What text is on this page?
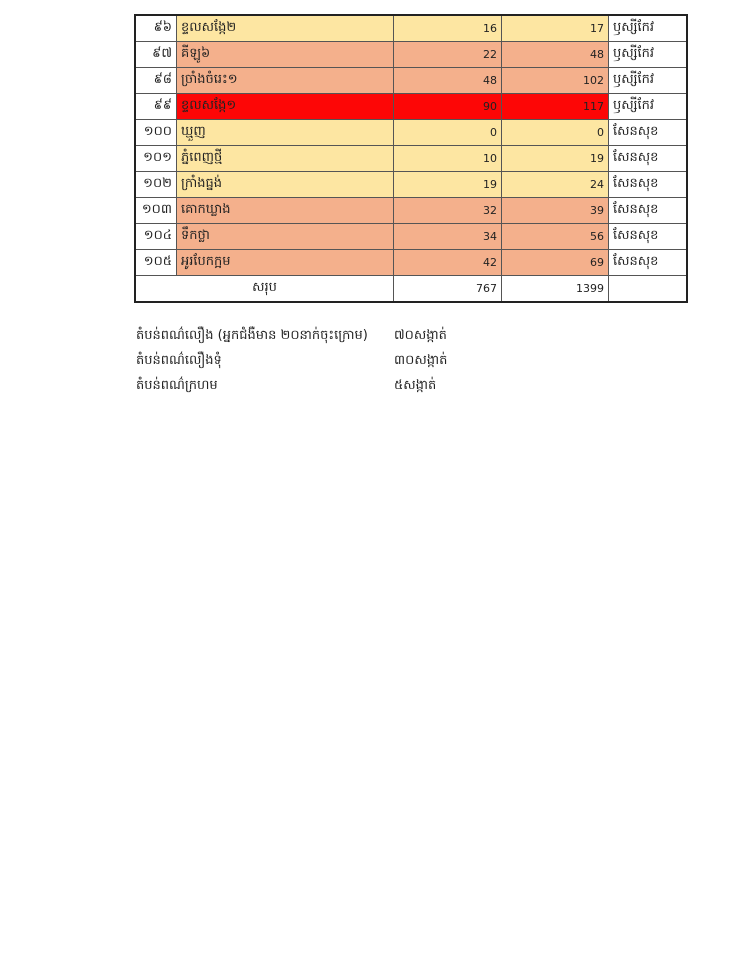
៩៦	ខ្ទលសង្កែ២	16	17	ឫស្សីកែវ
៩៧	គីឡូ៦	22	48	ឫស្សីកែវ
៩៨	ច្រាំងចំរេះ១	48	102	ឫស្សីកែវ
៩៩	ខ្ទលសង្កែ១	90	117	ឫស្សីកែវ
១០០	ឃ្មួញ	0	0	សែនសុខ
១០១	ភ្នំពេញថ្មី	10	19	សែនសុខ
១០២	ក្រាំងធ្នង់	19	24	សែនសុខ
១០៣	គោកឃ្លាង	32	39	សែនសុខ
១០៤	ទឹកថ្លា	34	56	សែនសុខ
១០៥	អូរបែកក្អម	42	69	សែនសុខ
សរុប		767	1399	
តំបន់ពណ៌លឿង (អ្នកជំងឺមាន ២០នាក់ចុះក្រោម) ៧០សង្កាត់
តំបន់ពណ៌លឿងទុំ	៣០សង្កាត់
តំបន់ពណ៌ក្រហម	៥សង្កាត់
